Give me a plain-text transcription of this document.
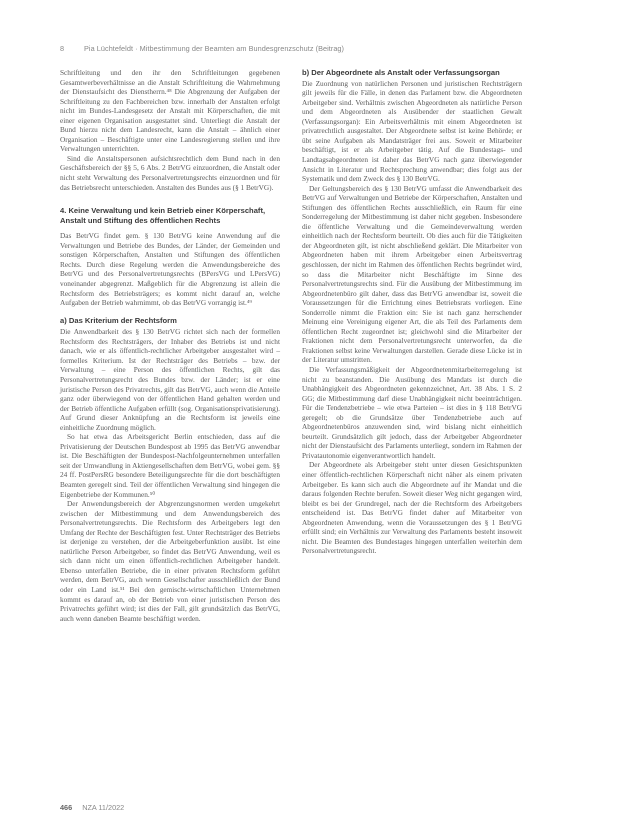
8	Pia Lüchtefeldt · Mitbestimmung der Beamten am Bundesgrenzschutz (Beitrag)

Schriftleitung und den ihr den Schriftleitungen gegebenen Gesamtwerbeverhältnisse an die Anstalt Schriftleitung die Wahrnehmung der Dienstaufsicht des Dienstherrn.⁴⁸ Die Abgrenzung der Aufgaben der Schriftleitung zu den Fachbereichen bzw. innerhalb der Anstalten erfolgt nicht im Bundes-Landesgesetz der Anstalt mit Körperschaften, die mit einer eigenen Organisation ausgestattet sind. Unterliegt die Anstalt der Bund hierzu nicht dem Landesrecht, kann die Anstalt – ähnlich einer Organisation – Beschäftigte unter eine Landesregierung stellen und ihre Verwaltungen unterrichten.

Sind die Anstaltspersonen aufsichtsrechtlich dem Bund nach in den Geschäftsbereich der §§ 5, 6 Abs. 2 BetrVG einzuordnen, die Anstalt oder nicht steht Verwaltung des Personalvertretungsrechts einzuordnen und für das Betriebsrecht unterschieden. Anstalten des Bundes aus (§ 1 BetrVG).

4. Keine Verwaltung und kein Betrieb einer Körperschaft, Anstalt und Stiftung des öffentlichen Rechts

Das BetrVG findet gem. § 130 BetrVG keine Anwendung auf die Verwaltungen und Betriebe des Bundes, der Länder, der Gemeinden und sonstigen Körperschaften, Anstalten und Stiftungen des öffentlichen Rechts. Durch diese Regelung werden die Anwendungsbereiche des BetrVG und des Personalvertretungsrechts (BPersVG und LPersVG) voneinander abgegrenzt. Maßgeblich für die Abgrenzung ist allein die Rechtsform des Betriebsträgers; es kommt nicht darauf an, welche Aufgaben der Betrieb wahrnimmt, ob das BetrVG vorrangig ist.⁴⁹

a) Das Kriterium der Rechtsform

Die Anwendbarkeit des § 130 BetrVG richtet sich nach der formellen Rechtsform des Rechtsträgers, der Inhaber des Betriebs ist und nicht danach, wie er als öffentlich-rechtlicher Arbeitgeber ausgestaltet wird – formelles Kriterium. Ist der Rechtsträger des Betriebs – bzw. der Verwaltung – eine Person des öffentlichen Rechts, gilt das Personalvertretungsrecht des Bundes bzw. der Länder; ist er eine juristische Person des Privatrechts, gilt das BetrVG, auch wenn die Anteile ganz oder überwiegend von der öffentlichen Hand gehalten werden und der Betrieb öffentliche Aufgaben erfüllt (sog. Organisationsprivatisierung). Auf Grund dieser Anknüpfung an die Rechtsform ist jeweils eine einheitliche Zuordnung möglich.

So hat etwa das Arbeitsgericht Berlin entschieden, dass auf die Privatisierung der Deutschen Bundespost ab 1995 das BetrVG anwendbar ist. Die Beschäftigten der Bundespost-Nachfolgeunternehmen unterfallen seit der Umwandlung in Aktiengesellschaften dem BetrVG, wobei gem. §§ 24 ff. PostPersRG besondere Beteiligungsrechte für die dort beschäftigten Beamten geregelt sind. Teil der öffentlichen Verwaltung sind hingegen die Eigenbetriebe der Kommunen.⁵⁰

Der Anwendungsbereich der Abgrenzungsnormen werden umgekehrt zwischen der Mitbestimmung und dem Anwendungsbereich des Personalvertretungsrechts. Die Rechtsform des Arbeitgebers legt den Umfang der Rechte der Beschäftigten fest. Unter Rechtsträger des Betriebs ist derjenige zu verstehen, der die Arbeitgeberfunktion ausübt. Ist eine natürliche Person Arbeitgeber, so findet das BetrVG Anwendung, weil es sich dann nicht um einen öffentlich-rechtlichen Arbeitgeber handelt. Ebenso unterfallen Betriebe, die in einer privaten Rechtsform geführt werden, dem BetrVG, auch wenn Gesellschafter ausschließlich der Bund oder ein Land ist.⁵¹ Bei den gemischt-wirtschaftlichen Unternehmen kommt es darauf an, ob der Betrieb von einer juristischen Person des Privatrechts geführt wird; ist dies der Fall, gilt grundsätzlich das BetrVG, auch wenn daneben Beamte beschäftigt werden.

b) Der Abgeordnete als Anstalt oder Verfassungsorgan

Die Zuordnung von natürlichen Personen und juristischen Rechtsträgern gilt jeweils für die Fälle, in denen das Parlament bzw. die Abgeordneten Arbeitgeber sind. Verhältnis zwischen Abgeordneten als natürliche Person und dem Abgeordneten als Ausübender der staatlichen Gewalt (Verfassungsorgan): Ein Arbeitsverhältnis mit einem Abgeordneten ist privatrechtlich ausgestaltet. Der Abgeordnete selbst ist keine Behörde; er übt seine Aufgaben als Mandatsträger frei aus. Soweit er Mitarbeiter beschäftigt, ist er als Arbeitgeber tätig. Auf die Bundestags- und Landtagsabgeordneten ist daher das BetrVG nach ganz überwiegender Ansicht in Literatur und Rechtsprechung anwendbar; dies folgt aus der Systematik und dem Zweck des § 130 BetrVG.

Der Geltungsbereich des § 130 BetrVG umfasst die Anwendbarkeit des BetrVG auf Verwaltungen und Betriebe der Körperschaften, Anstalten und Stiftungen des öffentlichen Rechts ausschließlich, ein Raum für eine Sonderregelung der Mitbestimmung ist daher nicht gegeben. Insbesondere die öffentliche Verwaltung und die Gemeindeverwaltung werden einheitlich nach der Rechtsform beurteilt. Ob dies auch für die Tätigkeiten der Abgeordneten gilt, ist nicht abschließend geklärt. Die Mitarbeiter von Abgeordneten haben mit ihrem Arbeitgeber einen Arbeitsvertrag geschlossen, der nicht im Rahmen des öffentlichen Rechts begründet wird, so dass die Mitarbeiter nicht Beschäftigte im Sinne des Personalvertretungsrechts sind. Für die Ausübung der Mitbestimmung im Abgeordnetenbüro gilt daher, dass das BetrVG anwendbar ist, soweit die Voraussetzungen für die Errichtung eines Betriebsrats vorliegen. Eine Sonderrolle nimmt die Fraktion ein: Sie ist nach ganz herrschender Meinung eine Vereinigung eigener Art, die als Teil des Parlaments dem öffentlichen Recht zugeordnet ist; gleichwohl sind die Mitarbeiter der Fraktionen nicht dem Personalvertretungsrecht unterworfen, da die Fraktionen selbst keine Verwaltungen darstellen. Gerade diese Lücke ist in der Literatur umstritten.

Die Verfassungsmäßigkeit der Abgeordnetenmitarbeiterregelung ist nicht zu beanstanden. Die Ausübung des Mandats ist durch die Unabhängigkeit des Abgeordneten gekennzeichnet, Art. 38 Abs. 1 S. 2 GG; die Mitbestimmung darf diese Unabhängigkeit nicht beeinträchtigen. Für die Tendenzbetriebe – wie etwa Parteien – ist dies in § 118 BetrVG geregelt; ob die Grundsätze über Tendenzbetriebe auch auf Abgeordnetenbüros anzuwenden sind, wird bislang nicht einheitlich beurteilt. Grundsätzlich gilt jedoch, dass der Arbeitgeber Abgeordneter nicht der Dienstaufsicht des Parlaments unterliegt, sondern im Rahmen der Privatautonomie eigenverantwortlich handelt.

Der Abgeordnete als Arbeitgeber steht unter diesen Gesichtspunkten einer öffentlich-rechtlichen Körperschaft nicht näher als einem privaten Arbeitgeber. Es kann sich auch die Abgeordnete auf ihr Mandat und die daraus folgenden Rechte berufen. Soweit dieser Weg nicht gegangen wird, bleibt es bei der Grundregel, nach der die Rechtsform des Arbeitgebers entscheidend ist. Das BetrVG findet daher auf Mitarbeiter von Abgeordneten Anwendung, wenn die Voraussetzungen des § 1 BetrVG erfüllt sind; ein Verhältnis zur Verwaltung des Parlaments besteht insoweit nicht. Die Beamten des Bundestages hingegen unterfallen weiterhin dem Personalvertretungsrecht.

466 NZA 11/2022
